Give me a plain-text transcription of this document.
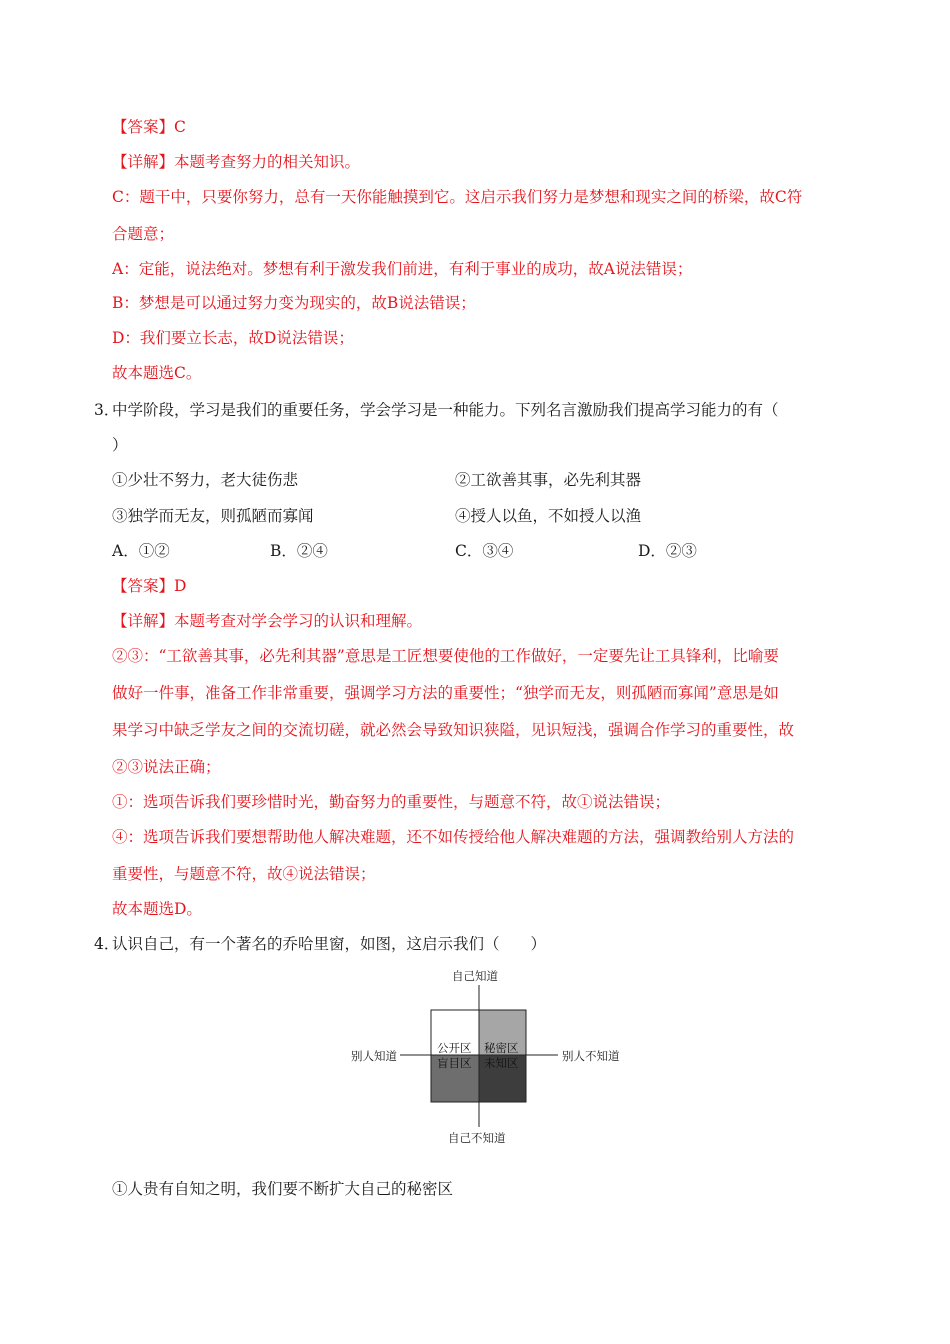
【答案】C
【详解】本题考查努力的相关知识。
C：题干中，只要你努力，总有一天你能触摸到它。这启示我们努力是梦想和现实之间的桥梁，故C符
合题意；
A：定能，说法绝对。梦想有利于激发我们前进，有利于事业的成功，故A说法错误；
B：梦想是可以通过努力变为现实的，故B说法错误；
D：我们要立长志，故D说法错误；
故本题选C。
3．
中学阶段，学习是我们的重要任务，学会学习是一种能力。下列名言激励我们提高学习能力的有（
）
①少壮不努力，老大徒伤悲	②工欲善其事，必先利其器
③独学而无友，则孤陋而寡闻	④授人以鱼，不如授人以渔
A．①②	B．②④	C．③④	D．②③
【答案】D
【详解】本题考查对学会学习的认识和理解。
②③：“工欲善其事，必先利其器”意思是工匠想要使他的工作做好，一定要先让工具锋利，比喻要
做好一件事，准备工作非常重要，强调学习方法的重要性；“独学而无友，则孤陋而寡闻”意思是如
果学习中缺乏学友之间的交流切磋，就必然会导致知识狭隘，见识短浅，强调合作学习的重要性，故
②③说法正确；
①：选项告诉我们要珍惜时光，勤奋努力的重要性，与题意不符，故①说法错误；
④：选项告诉我们要想帮助他人解决难题，还不如传授给他人解决难题的方法，强调教给别人方法的
重要性，与题意不符，故④说法错误；
故本题选D。
4．
认识自己，有一个著名的乔哈里窗，如图，这启示我们（　　）
自己知道
自己不知道
别人知道	别人不知道
公开区 秘密区
盲目区 未知区
①人贵有自知之明，我们要不断扩大自己的秘密区
